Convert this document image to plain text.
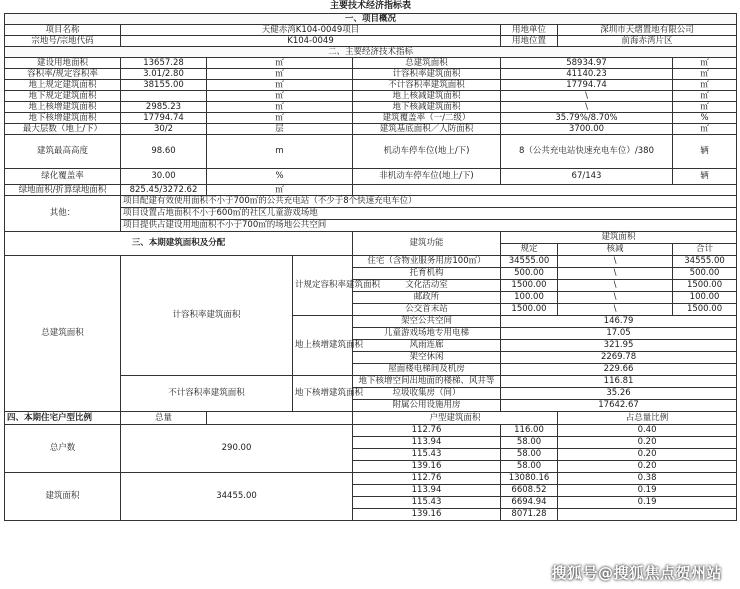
主要技术经济指标表							
一、项目概况							
项目名称	天健赤湾K104-0049项目				用地单位	深圳市天熠置地有限公司	
宗地号/宗地代码	K104-0049				用地位置	前海赤湾片区	
二、主要经济技术指标							
建设用地面积	13657.28	㎡		总建筑面积	58934.97		㎡
容积率/规定容积率	3.01/2.80	㎡		计容积率建筑面积	41140.23		㎡
地上规定建筑面积	38155.00	㎡		不计容积率建筑面积	17794.74		㎡
地下规定建筑面积		㎡		地上核减建筑面积	\		㎡
地上核增建筑面积	2985.23	㎡		地下核减建筑面积	\		㎡
地下核增建筑面积	17794.74	㎡		建筑覆盖率（一/二级）	35.79%/8.70%		%
最大层数（地上/下）	30/2	层		建筑基底面积／人防面积	3700.00		㎡
建筑最高高度	98.60	m		机动车停车位(地上/下)	8（公共充电站快速充电车位）/380		辆
绿化覆盖率	30.00	%		非机动车停车位(地上/下)	67/143		辆
绿地面积/折算绿地面积	825.45/3272.62	㎡					
其他：	项目配建有效使用面积不小于700㎡的公共充电站（不少于8个快速充电车位）						
	项目设置占地面积不小于600㎡的社区儿童游戏场地						
	项目提供占建设用地面积不小于700㎡的场地公共空间						
三、本期建筑面积及分配				建筑功能	建筑面积		
					规定	核减	合计
总建筑面积	计容积率建筑面积		计规定容积率建筑面积	住宅（含物业服务用房100㎡）	34555.00	\	34555.00
				托育机构	500.00	\	500.00
				文化活动室	1500.00	\	1500.00
				邮政所	100.00	\	100.00
				公交首末站	1500.00	\	1500.00
			地上核增建筑面积	架空公共空间	146.79		
				儿童游戏场地专用电梯	17.05		
				风雨连廊	321.95		
				架空休闲	2269.78		
				屋面楼电梯间及机房	229.66		
	不计容积率建筑面积		地下核增建筑面积	地下核增空间出地面的楼梯、风井等	116.81		
				垃圾收集房（间）	35.26		
				附属公用设施用房	17642.67		
四、本期住宅户型比例	总量			户型建筑面积		占总量比例	
总户数	290.00			112.76	116.00	0.40	
				113.94	58.00	0.20	
				115.43	58.00	0.20	
				139.16	58.00	0.20	
建筑面积	34455.00			112.76	13080.16	0.38	
				113.94	6608.52	0.19	
				115.43	6694.94	0.19	
				139.16	8071.28		
搜狐号@搜狐焦点贺州站
